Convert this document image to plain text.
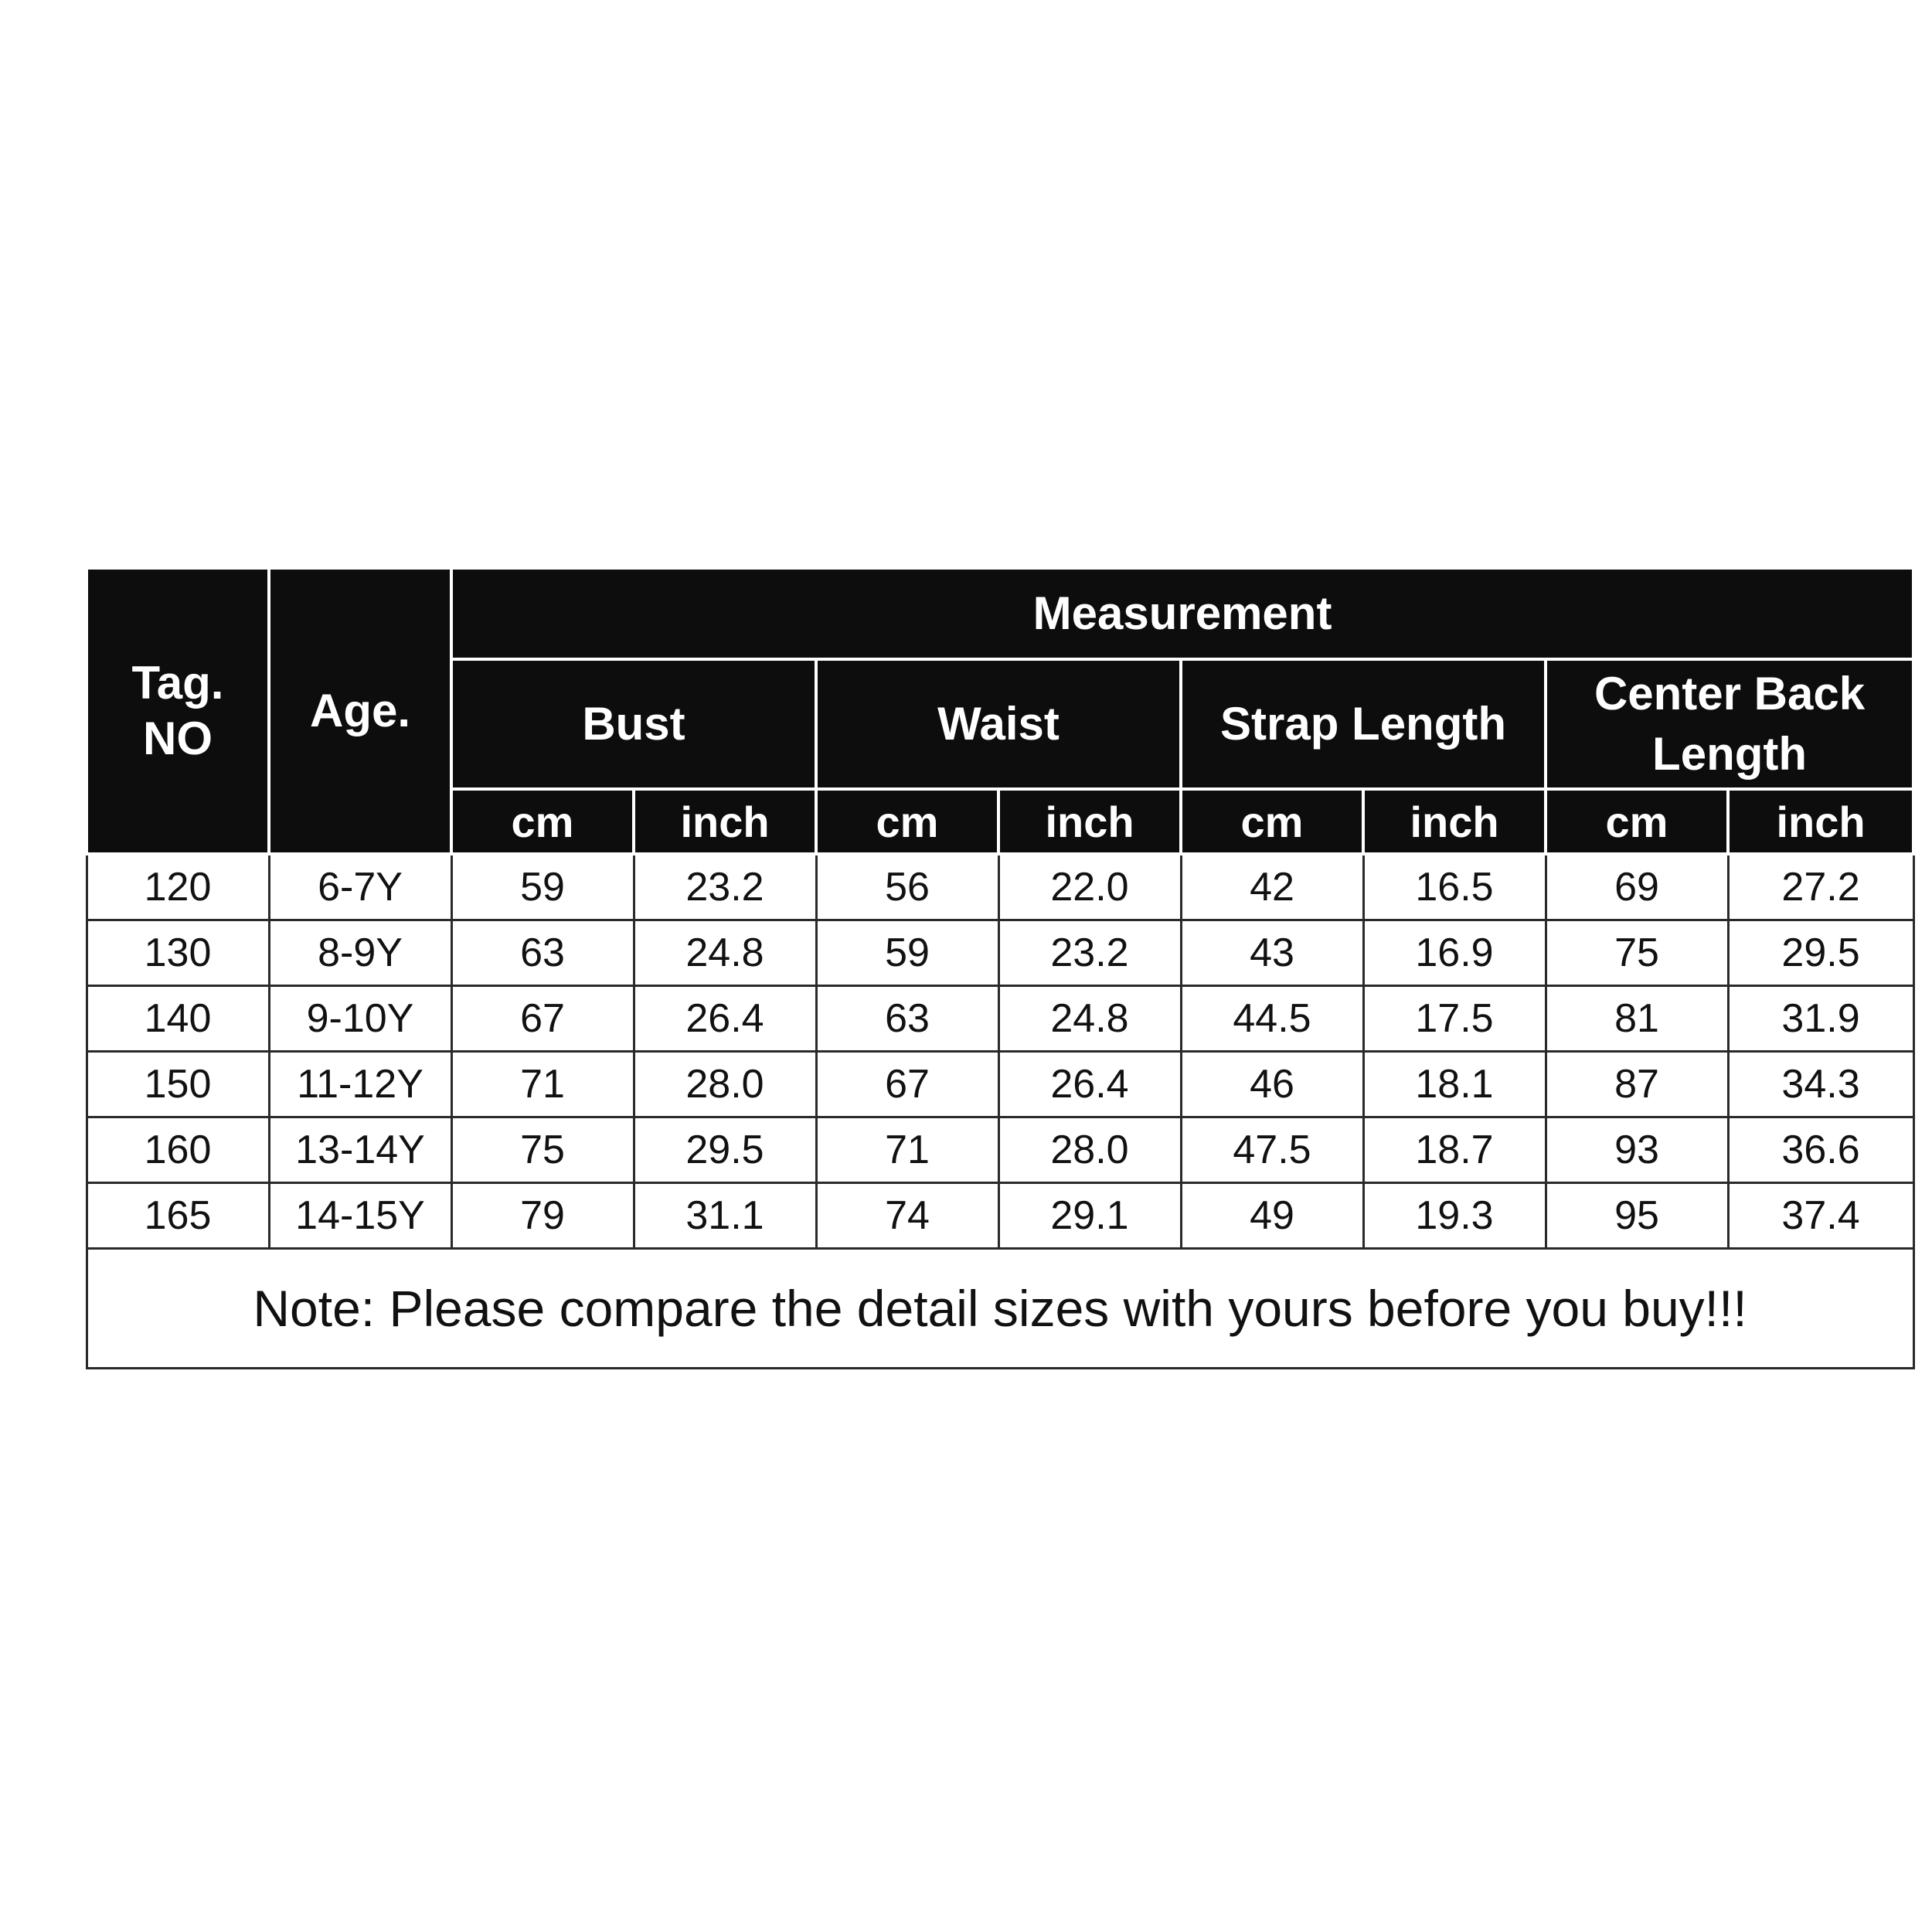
Tag.
NO	Age.	Measurement							
		Bust		Waist		Strap Length		Center Back
Length	

		cm	inch	cm	inch	cm	inch	cm	inch
120	6-7Y	59	23.2	56	22.0	42	16.5	69	27.2
130	8-9Y	63	24.8	59	23.2	43	16.9	75	29.5
140	9-10Y	67	26.4	63	24.8	44.5	17.5	81	31.9
150	11-12Y	71	28.0	67	26.4	46	18.1	87	34.3
160	13-14Y	75	29.5	71	28.0	47.5	18.7	93	36.6
165	14-15Y	79	31.1	74	29.1	49	19.3	95	37.4
Note: Please compare the detail sizes with yours before you buy!!!									
